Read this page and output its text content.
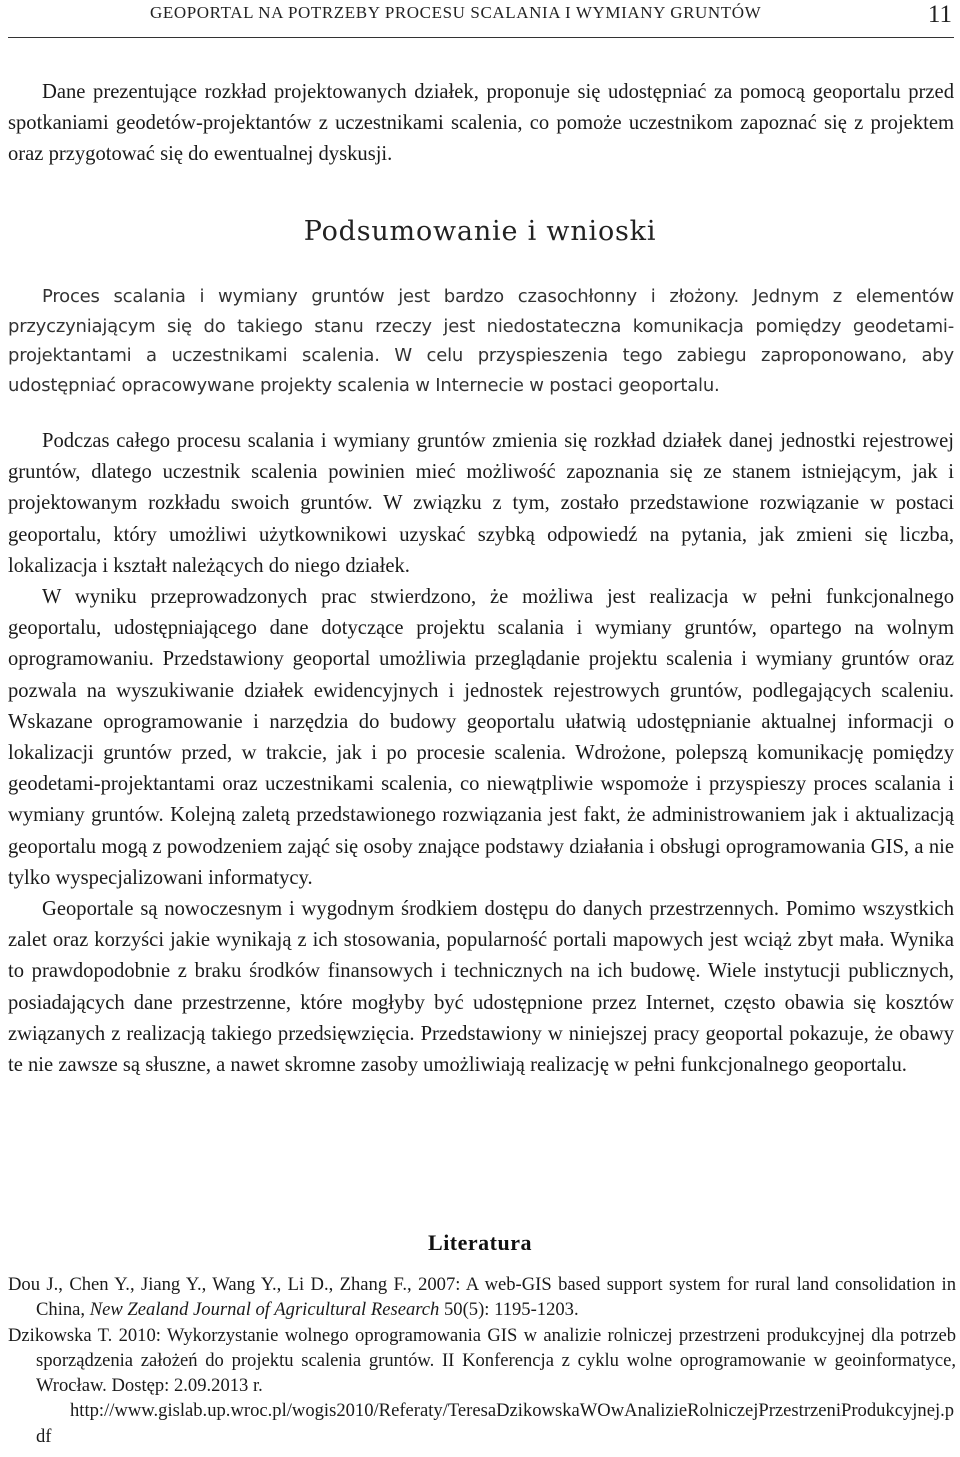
GEOPORTAL NA POTRZEBY PROCESU SCALANIA I WYMIANY GRUNTÓW	11

Dane prezentujące rozkład projektowanych działek, proponuje się udostępniać za pomocą geoportalu przed spotkaniami geodetów-projektantów z uczestnikami scalenia, co pomoże uczestnikom zapoznać się z projektem oraz przygotować się do ewentualnej dyskusji.

Podsumowanie i wnioski

Proces scalania i wymiany gruntów jest bardzo czasochłonny i złożony. Jednym z elementów przyczyniającym się do takiego stanu rzeczy jest niedostateczna komunikacja pomiędzy geodetami-projektantami a uczestnikami scalenia. W celu przyspieszenia tego zabiegu zaproponowano, aby udostępniać opracowywane projekty scalenia w Internecie w postaci geoportalu.

Podczas całego procesu scalania i wymiany gruntów zmienia się rozkład działek danej jednostki rejestrowej gruntów, dlatego uczestnik scalenia powinien mieć możliwość zapoznania się ze stanem istniejącym, jak i projektowanym rozkładu swoich gruntów. W związku z tym, zostało przedstawione rozwiązanie w postaci geoportalu, który umożliwi użytkownikowi uzyskać szybką odpowiedź na pytania, jak zmieni się liczba, lokalizacja i kształt należących do niego działek.

W wyniku przeprowadzonych prac stwierdzono, że możliwa jest realizacja w pełni funkcjonalnego geoportalu, udostępniającego dane dotyczące projektu scalania i wymiany gruntów, opartego na wolnym oprogramowaniu. Przedstawiony geoportal umożliwia przeglądanie projektu scalenia i wymiany gruntów oraz pozwala na wyszukiwanie działek ewidencyjnych i jednostek rejestrowych gruntów, podlegających scaleniu. Wskazane oprogramowanie i narzędzia do budowy geoportalu ułatwią udostępnianie aktualnej informacji o lokalizacji gruntów przed, w trakcie, jak i po procesie scalenia. Wdrożone, polepszą komunikację pomiędzy geodetami-projektantami oraz uczestnikami scalenia, co niewątpliwie wspomoże i przyspieszy proces scalania i wymiany gruntów. Kolejną zaletą przedstawionego rozwiązania jest fakt, że administrowaniem jak i aktualizacją geoportalu mogą z powodzeniem zająć się osoby znające podstawy działania i obsługi oprogramowania GIS, a nie tylko wyspecjalizowani informatycy.

Geoportale są nowoczesnym i wygodnym środkiem dostępu do danych przestrzennych. Pomimo wszystkich zalet oraz korzyści jakie wynikają z ich stosowania, popularność portali mapowych jest wciąż zbyt mała. Wynika to prawdopodobnie z braku środków finansowych i technicznych na ich budowę. Wiele instytucji publicznych, posiadających dane przestrzenne, które mogłyby być udostępnione przez Internet, często obawia się kosztów związanych z realizacją takiego przedsięwzięcia. Przedstawiony w niniejszej pracy geoportal pokazuje, że obawy te nie zawsze są słuszne, a nawet skromne zasoby umożliwiają realizację w pełni funkcjonalnego geoportalu.

Literatura

Dou J., Chen Y., Jiang Y., Wang Y., Li D., Zhang F., 2007: A web-GIS based support system for rural land consolidation in China, New Zealand Journal of Agricultural Research 50(5): 1195-1203.

Dzikowska T. 2010: Wykorzystanie wolnego oprogramowania GIS w analizie rolniczej przestrzeni produkcyjnej dla potrzeb sporządzenia założeń do projektu scalenia gruntów. II Konferencja z cyklu wolne oprogramowanie w geoinformatyce, Wrocław. Dostęp: 2.09.2013 r.

http://www.gislab.up.wroc.pl/wogis2010/Referaty/TeresaDzikowskaWOwAnalizieRolniczejPrzestrzeniProdukcyjnej.pdf
